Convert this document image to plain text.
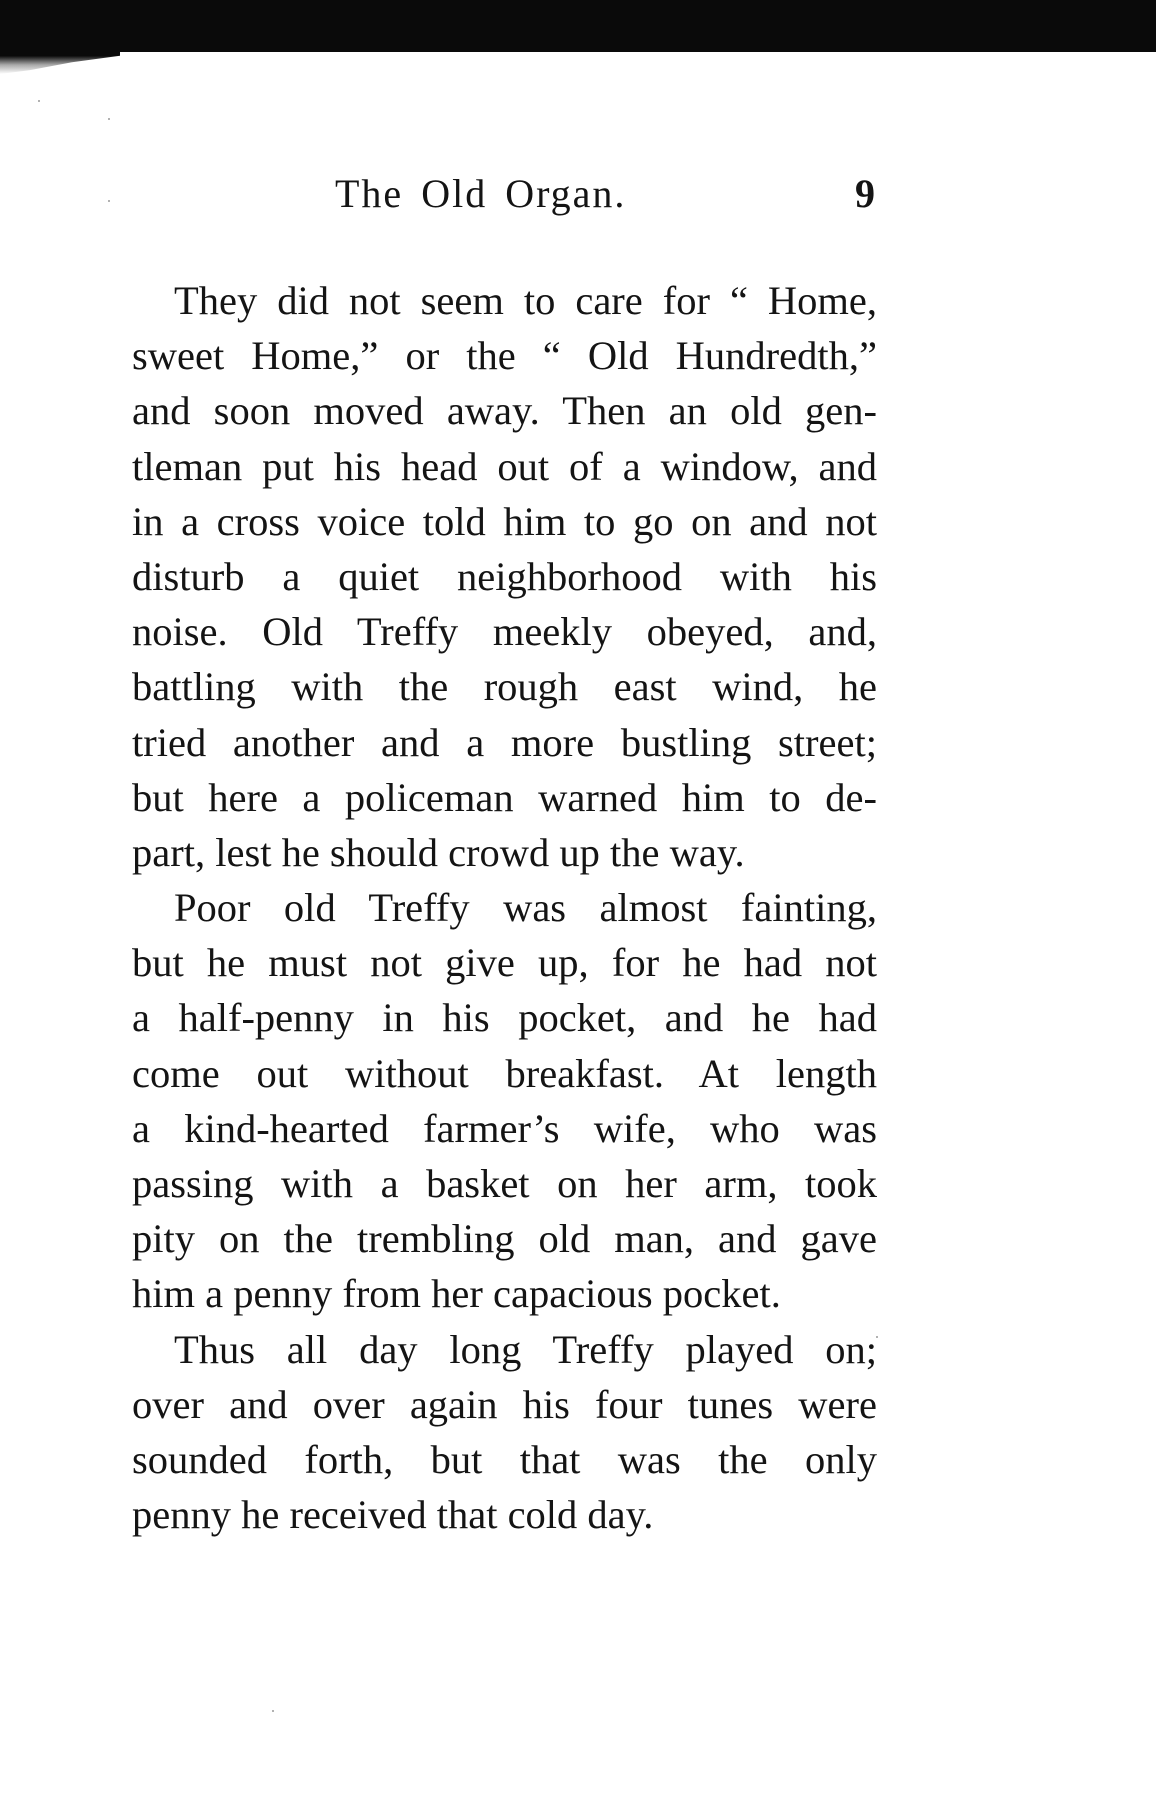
The Old Organ.	9
They did not seem to care for “ Home,
sweet Home,” or the “ Old Hundredth,”
and soon moved away. Then an old gen-
tleman put his head out of a window, and
in a cross voice told him to go on and not
disturb a quiet neighborhood with his
noise. Old Treffy meekly obeyed, and,
battling with the rough east wind, he
tried another and a more bustling street;
but here a policeman warned him to de-
part, lest he should crowd up the way.
Poor old Treffy was almost fainting,
but he must not give up, for he had not
a half-penny in his pocket, and he had
come out without breakfast. At length
a kind-hearted farmer’s wife, who was
passing with a basket on her arm, took
pity on the trembling old man, and gave
him a penny from her capacious pocket.
Thus all day long Treffy played on;
over and over again his four tunes were
sounded forth, but that was the only
penny he received that cold day.
